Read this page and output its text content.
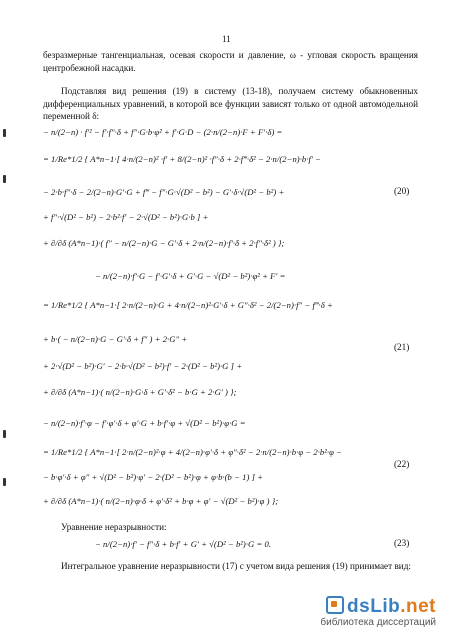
11
безразмерные тангенциальная, осевая скорости и давление, ω - угловая скорость вращения центробежной насадки.
Подставляя вид решения (19) в систему (13-18), получаем систему обыкновенных дифференциальных уравнений, в которой все функции зависят только от одной автомодельной переменной δ:
− n/(2−n) · f′² − f′·f″·δ + f″·G·b·φ² + f′·G·D − (2·n/(2−n)·F + F′·δ) =
= 1/Re*1/2 { A*n−1·[ 4·n/(2−n)² ·f′ + 8/(2−n)² ·f″·δ + 2·f‴·δ² − 2·n/(2−n)·b·f′ −
− 2·b·f″·δ − 2/(2−n)·G′·G + f‴ − f″·G·√(D² − b²) − G′·δ·√(D² − b²) +	(20)
+ f″·√(D² − b²) − 2·b²·f′ − 2·√(D² − b²)·G·b ] +
+ ∂/∂δ (A*n−1)·( f″ − n/(2−n)·G − G′·δ + 2·n/(2−n)·f′·δ + 2·f″·δ² ) };
− n/(2−n)·f′·G − f′·G′·δ + G′·G − √(D² − b²)·φ² + F′ =
= 1/Re*1/2 { A*n−1·[ 2·n/(2−n)·G + 4·n/(2−n)²·G′·δ + G″·δ² − 2/(2−n)·f″ − f‴·δ +
+ b·( − n/(2−n)·G − G′·δ + f″ ) + 2·G″ +
(21)
+ 2·√(D² − b²)·G′ − 2·b·√(D² − b²)·f′ − 2·(D² − b²)·G ] +
+ ∂/∂δ (A*n−1)·( n/(2−n)·G·δ + G′·δ² − b·G + 2·G′ ) };
− n/(2−n)·f′·φ − f′·φ′·δ + φ′·G + b·f′·φ + √(D² − b²)·φ·G =
= 1/Re*1/2 { A*n−1·[ 2·n/(2−n)²·φ + 4/(2−n)·φ′·δ + φ″·δ² − 2·n/(2−n)·b·φ − 2·b²·φ −
− b·φ′·δ + φ″ + √(D² − b²)·φ′ − 2·(D² − b²)·φ + φ·b·(b − 1) ] +
(22)
+ ∂/∂δ (A*n−1)·( n/(2−n)·φ·δ + φ′·δ² + b·φ + φ′ − √(D² − b²)·φ ) };
Уравнение неразрывности:
− n/(2−n)·f′ − f″·δ + b·f′ + G′ + √(D² − b²)·G = 0.	(23)
Интегральное уравнение неразрывности (17) с учетом вида решения (19) принимает вид:
dsLib.net
библиотека диссертаций
